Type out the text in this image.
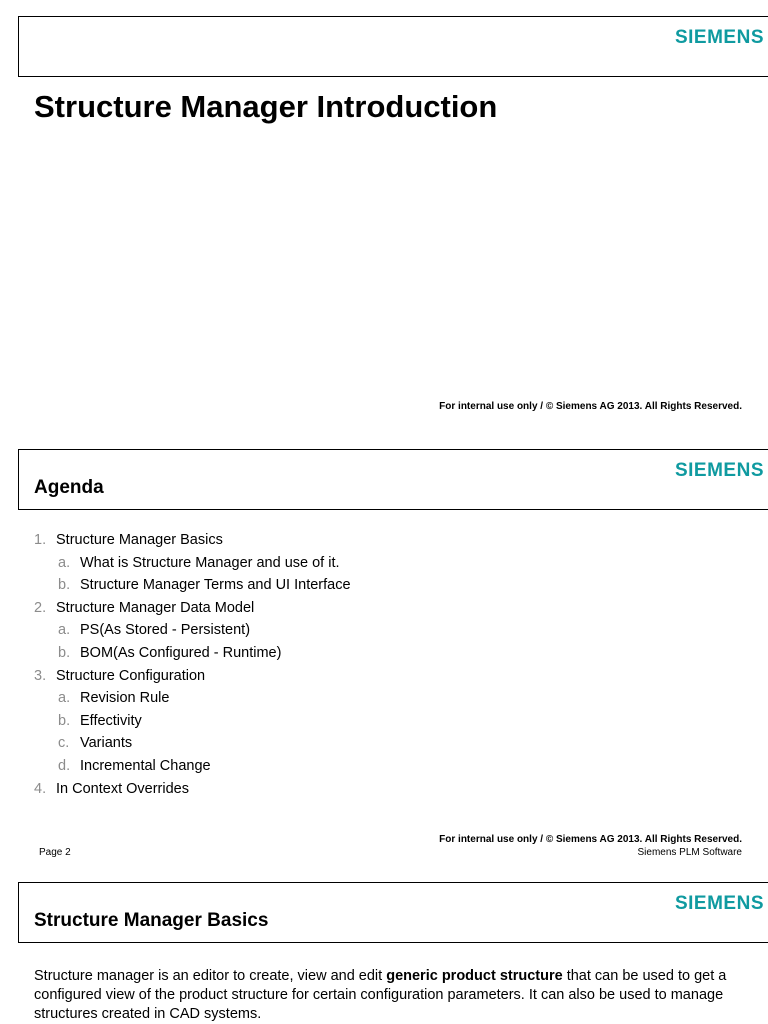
SIEMENS
Structure Manager Introduction
For internal use only / © Siemens AG 2013. All Rights Reserved.
SIEMENS
Agenda
1. Structure Manager Basics
a. What is Structure Manager and use of it.
b. Structure Manager Terms and UI Interface
2. Structure Manager Data Model
a. PS(As Stored - Persistent)
b. BOM(As Configured - Runtime)
3. Structure Configuration
a. Revision Rule
b. Effectivity
c. Variants
d. Incremental Change
4. In Context Overrides
For internal use only / © Siemens AG 2013. All Rights Reserved.
Siemens PLM Software
Page 2
SIEMENS
Structure Manager Basics

Structure manager is an editor to create, view and edit generic product structure that can be used to get a configured view of the product structure for certain configuration parameters. It can also be used to manage structures created in CAD systems.
